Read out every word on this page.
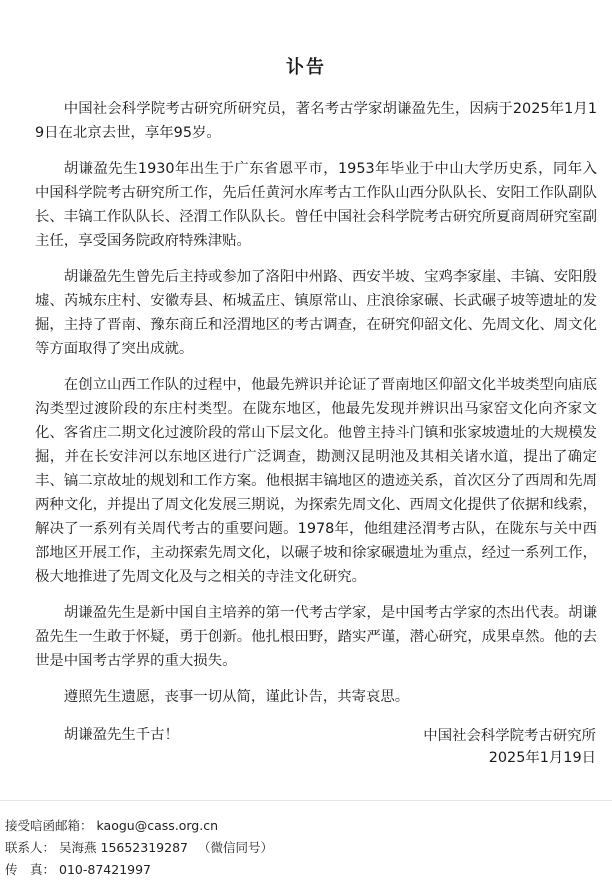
讣告

中国社会科学院考古研究所研究员，著名考古学家胡谦盈先生，因病于2025年1月19日在北京去世，享年95岁。

胡谦盈先生1930年出生于广东省恩平市，1953年毕业于中山大学历史系，同年入中国科学院考古研究所工作，先后任黄河水库考古工作队山西分队队长、安阳工作队副队长、丰镐工作队队长、泾渭工作队队长。曾任中国社会科学院考古研究所夏商周研究室副主任，享受国务院政府特殊津贴。

胡谦盈先生曾先后主持或参加了洛阳中州路、西安半坡、宝鸡李家崖、丰镐、安阳殷墟、芮城东庄村、安徽寿县、柘城孟庄、镇原常山、庄浪徐家碾、长武碾子坡等遗址的发掘，主持了晋南、豫东商丘和泾渭地区的考古调查，在研究仰韶文化、先周文化、周文化等方面取得了突出成就。

在创立山西工作队的过程中，他最先辨识并论证了晋南地区仰韶文化半坡类型向庙底沟类型过渡阶段的东庄村类型。在陇东地区，他最先发现并辨识出马家窑文化向齐家文化、客省庄二期文化过渡阶段的常山下层文化。他曾主持斗门镇和张家坡遗址的大规模发掘，并在长安沣河以东地区进行广泛调查，勘测汉昆明池及其相关诸水道，提出了确定丰、镐二京故址的规划和工作方案。他根据丰镐地区的遗迹关系，首次区分了西周和先周两种文化，并提出了周文化发展三期说，为探索先周文化、西周文化提供了依据和线索，解决了一系列有关周代考古的重要问题。1978年，他组建泾渭考古队，在陇东与关中西部地区开展工作，主动探索先周文化，以碾子坡和徐家碾遗址为重点，经过一系列工作，极大地推进了先周文化及与之相关的寺洼文化研究。

胡谦盈先生是新中国自主培养的第一代考古学家，是中国考古学家的杰出代表。胡谦盈先生一生敢于怀疑，勇于创新。他扎根田野，踏实严谨，潜心研究，成果卓然。他的去世是中国考古学界的重大损失。

遵照先生遗愿，丧事一切从简，谨此讣告，共寄哀思。

胡谦盈先生千古！	中国社会科学院考古研究所
2025年1月19日
接受唁函邮箱： kaogu@cass.org.cn
联系人： 吴海燕 15652319287 （微信同号）
传　真： 010-87421997
